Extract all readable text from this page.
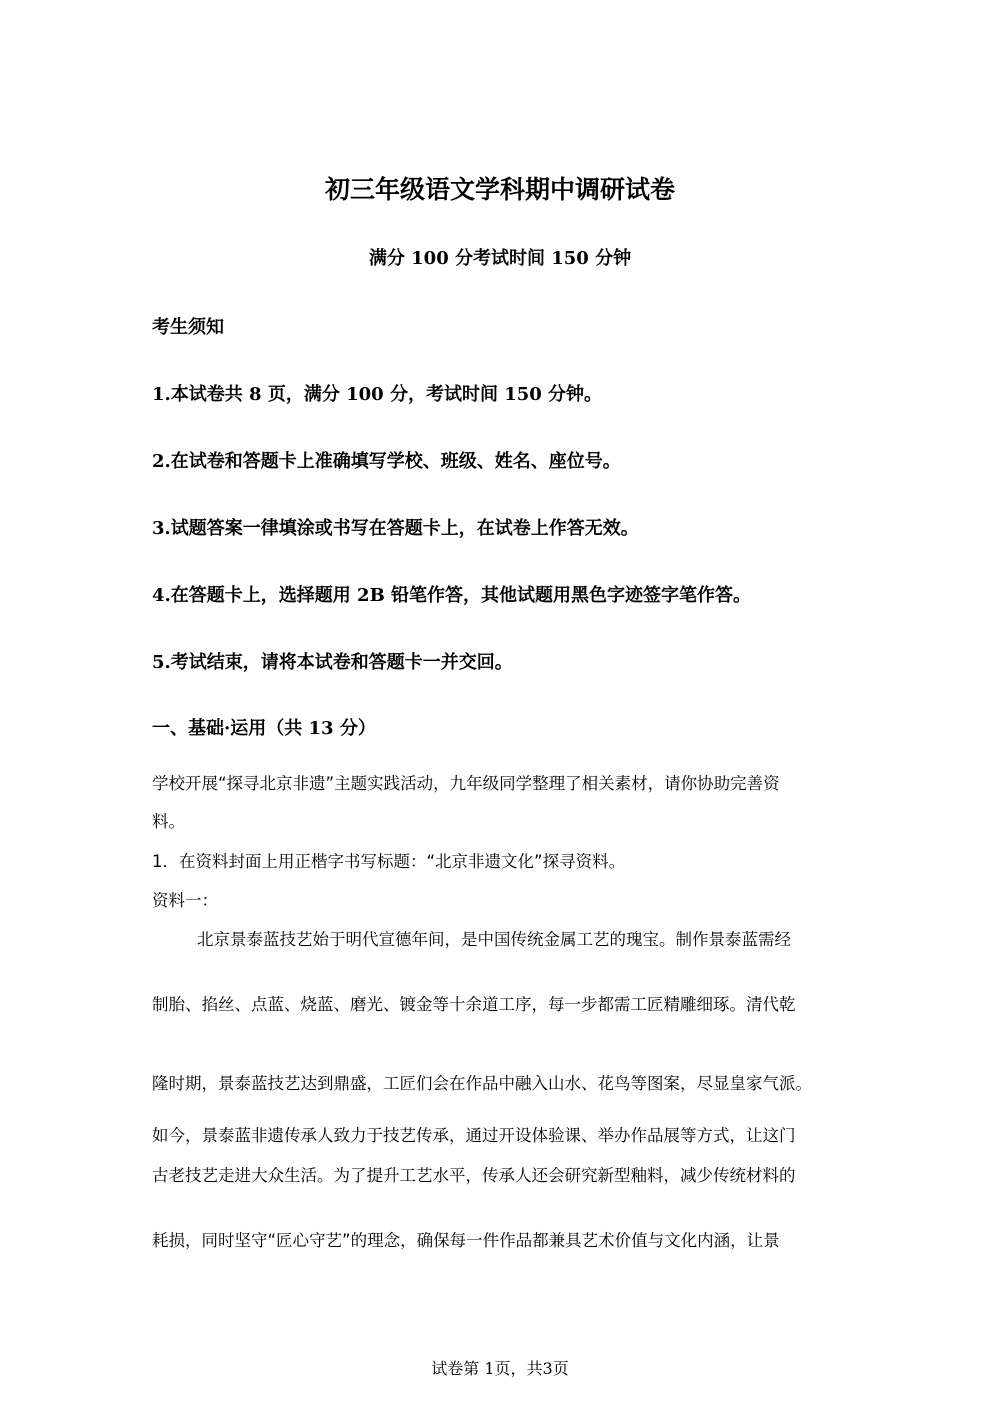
初三年级语文学科期中调研试卷
满分 100 分考试时间 150 分钟
考生须知
1.本试卷共 8 页，满分 100 分，考试时间 150 分钟。
2.在试卷和答题卡上准确填写学校、班级、姓名、座位号。
3.试题答案一律填涂或书写在答题卡上，在试卷上作答无效。
4.在答题卡上，选择题用 2B 铅笔作答，其他试题用黑色字迹签字笔作答。
5.考试结束，请将本试卷和答题卡一并交回。
一、基础·运用（共 13 分）
学校开展“探寻北京非遗”主题实践活动，九年级同学整理了相关素材，请你协助完善资
料。
1．在资料封面上用正楷字书写标题：“北京非遗文化”探寻资料。
资料一：
北京景泰蓝技艺始于明代宣德年间，是中国传统金属工艺的瑰宝。制作景泰蓝需经
制胎、掐丝、点蓝、烧蓝、磨光、镀金等十余道工序，每一步都需工匠精雕细琢。清代乾
隆时期，景泰蓝技艺达到鼎盛，工匠们会在作品中融入山水、花鸟等图案，尽显皇家气派。
如今，景泰蓝非遗传承人致力于技艺传承，通过开设体验课、举办作品展等方式，让这门
古老技艺走进大众生活。为了提升工艺水平，传承人还会研究新型釉料，减少传统材料的
耗损，同时坚守“匠心守艺”的理念，确保每一件作品都兼具艺术价值与文化内涵，让景
试卷第 1页，共3页
